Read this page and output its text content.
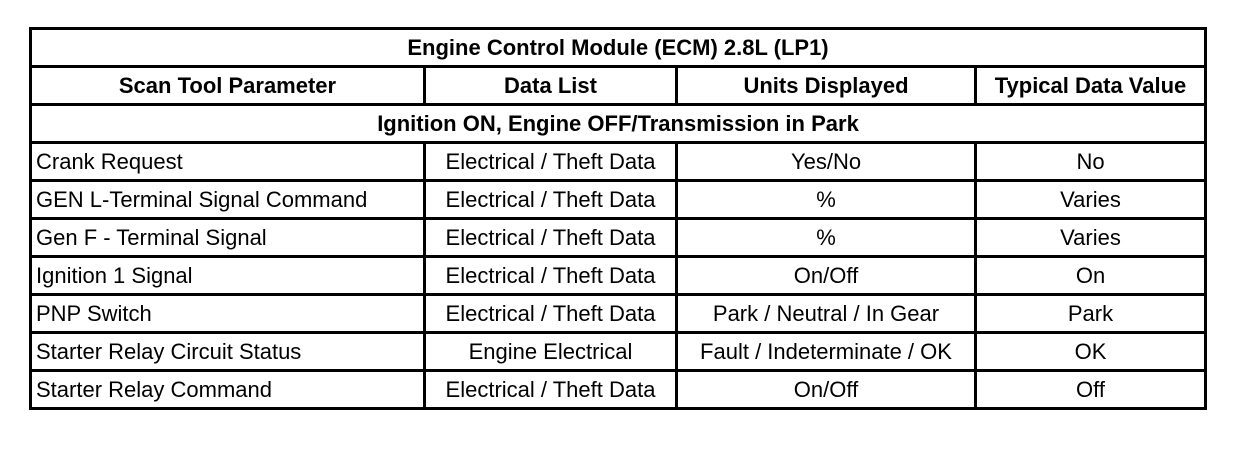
Engine Control Module (ECM) 2.8L (LP1)			
Scan Tool Parameter	Data List	Units Displayed	Typical Data Value
Ignition ON, Engine OFF/Transmission in Park			
Crank Request	Electrical / Theft Data	Yes/No	No
GEN L-Terminal Signal Command	Electrical / Theft Data	%	Varies
Gen F - Terminal Signal	Electrical / Theft Data	%	Varies
Ignition 1 Signal	Electrical / Theft Data	On/Off	On
PNP Switch	Electrical / Theft Data	Park / Neutral / In Gear	Park
Starter Relay Circuit Status	Engine Electrical	Fault / Indeterminate / OK	OK
Starter Relay Command	Electrical / Theft Data	On/Off	Off
